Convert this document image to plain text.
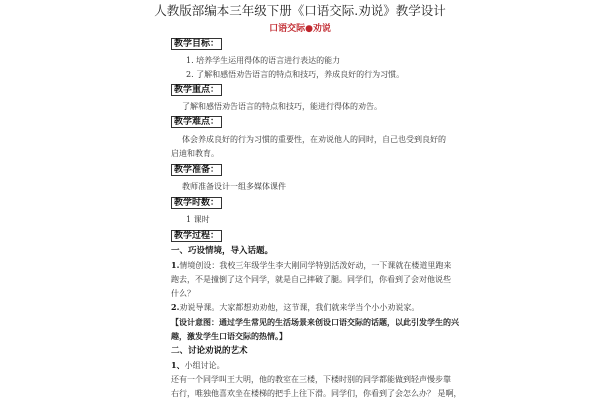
人教版部编本三年级下册《口语交际.劝说》教学设计
口语交际●劝说
教学目标：
1. 培养学生运用得体的语言进行表达的能力
2. 了解和感悟劝告语言的特点和技巧，养成良好的行为习惯。
教学重点：
了解和感悟劝告语言的特点和技巧，能进行得体的劝告。
教学难点：
体会养成良好的行为习惯的重要性，在劝说他人的同时，自己也受到良好的
启迪和教育。
教学准备：
教师准备设计一组多媒体课件
教学时数：
1 课时
教学过程：
一、巧设情境，导入话题。
1.情境创设：我校三年级学生李大刚同学特别活泼好动，一下课就在楼道里跑来
跑去，不是撞倒了这个同学，就是自己摔破了腿。同学们，你看到了会对他说些
什么？
2.劝说导课。大家都想劝劝他，这节课，我们就来学当个小小劝说家。
【设计意图：通过学生常见的生活场景来创设口语交际的话题，以此引发学生的兴
趣，激发学生口语交际的热情。】
二、讨论劝说的艺术
1、小组讨论。
还有一个同学叫王大明，他的教室在三楼，下楼时别的同学都能做到轻声慢步靠
右行，唯独他喜欢坐在楼梯的把手上往下滑。同学们，你看到了会怎么办？ 是啊，
